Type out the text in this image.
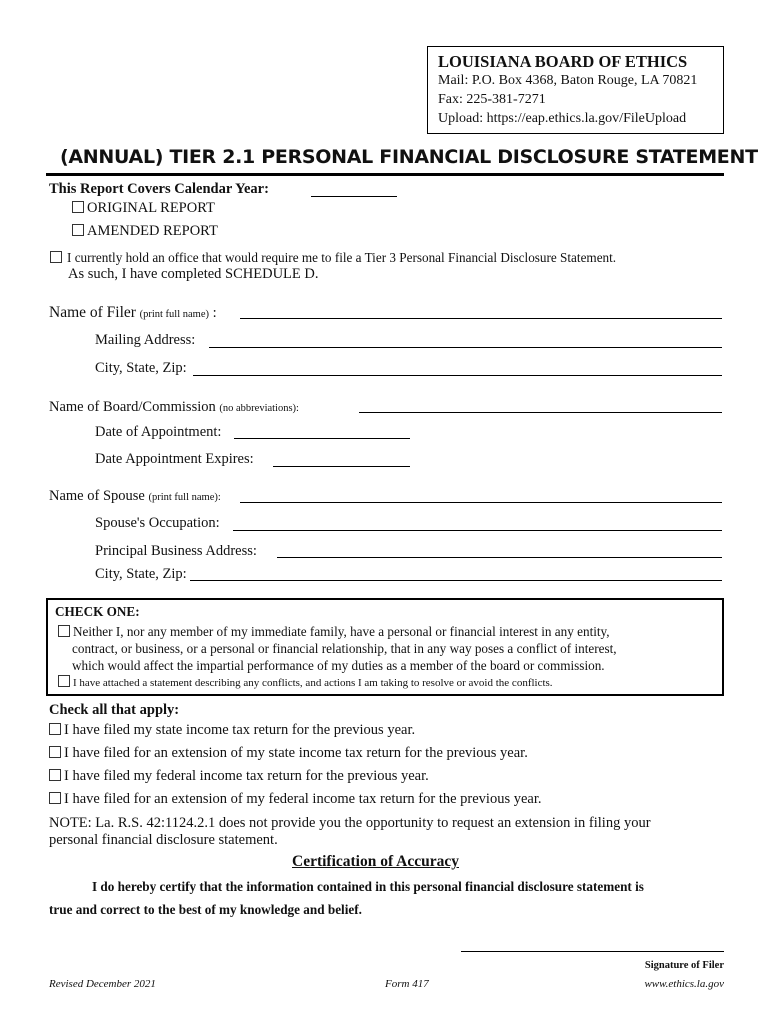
LOUISIANA BOARD OF ETHICS
Mail: P.O. Box 4368, Baton Rouge, LA 70821
Fax: 225-381-7271
Upload: https://eap.ethics.la.gov/FileUpload
(ANNUAL) TIER 2.1 PERSONAL FINANCIAL DISCLOSURE STATEMENT
This Report Covers Calendar Year:
ORIGINAL REPORT
AMENDED REPORT
I currently hold an office that would require me to file a Tier 3 Personal Financial Disclosure Statement.
As such, I have completed SCHEDULE D.
Name of Filer (print full name) :
Mailing Address:
City, State, Zip:
Name of Board/Commission (no abbreviations):
Date of Appointment:
Date Appointment Expires:
Name of Spouse (print full name):
Spouse's Occupation:
Principal Business Address:
City, State, Zip:
CHECK ONE:
Neither I, nor any member of my immediate family, have a personal or financial interest in any entity,
contract, or business, or a personal or financial relationship, that in any way poses a conflict of interest,
which would affect the impartial performance of my duties as a member of the board or commission.
I have attached a statement describing any conflicts, and actions I am taking to resolve or avoid the conflicts.
Check all that apply:
I have filed my state income tax return for the previous year.
I have filed for an extension of my state income tax return for the previous year.
I have filed my federal income tax return for the previous year.
I have filed for an extension of my federal income tax return for the previous year.
NOTE: La. R.S. 42:1124.2.1 does not provide you the opportunity to request an extension in filing your
personal financial disclosure statement.
Certification of Accuracy
I do hereby certify that the information contained in this personal financial disclosure statement is
true and correct to the best of my knowledge and belief.
Signature of Filer
Revised December 2021	Form 417	www.ethics.la.gov
